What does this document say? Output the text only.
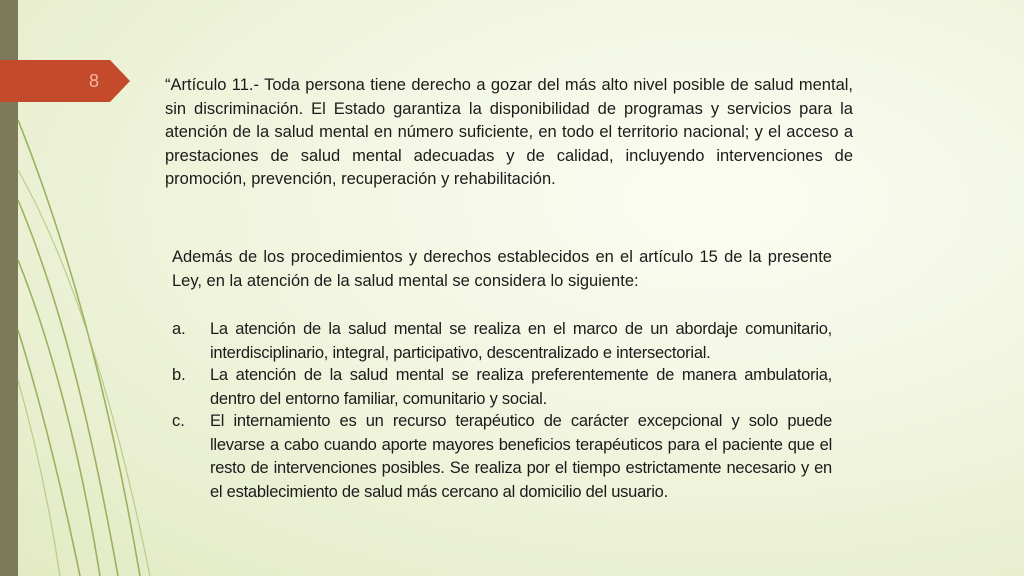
8	“Artículo 11.- Toda persona tiene derecho a gozar del más alto nivel posible de salud mental, sin discriminación. El Estado garantiza la disponibilidad de programas y servicios para la atención de la salud mental en número suficiente, en todo el territorio nacional; y el acceso a prestaciones de salud mental adecuadas y de calidad, incluyendo intervenciones de promoción, prevención, recuperación y rehabilitación.
Además de los procedimientos y derechos establecidos en el artículo 15 de la presente Ley, en la atención de la salud mental se considera lo siguiente:
a.	La atención de la salud mental se realiza en el marco de un abordaje comunitario, interdisciplinario, integral, participativo, descentralizado e intersectorial.
b.	La atención de la salud mental se realiza preferentemente de manera ambulatoria, dentro del entorno familiar, comunitario y social.
c.	El internamiento es un recurso terapéutico de carácter excepcional y solo puede llevarse a cabo cuando aporte mayores beneficios terapéuticos para el paciente que el resto de intervenciones posibles. Se realiza por el tiempo estrictamente necesario y en el establecimiento de salud más cercano al domicilio del usuario.
